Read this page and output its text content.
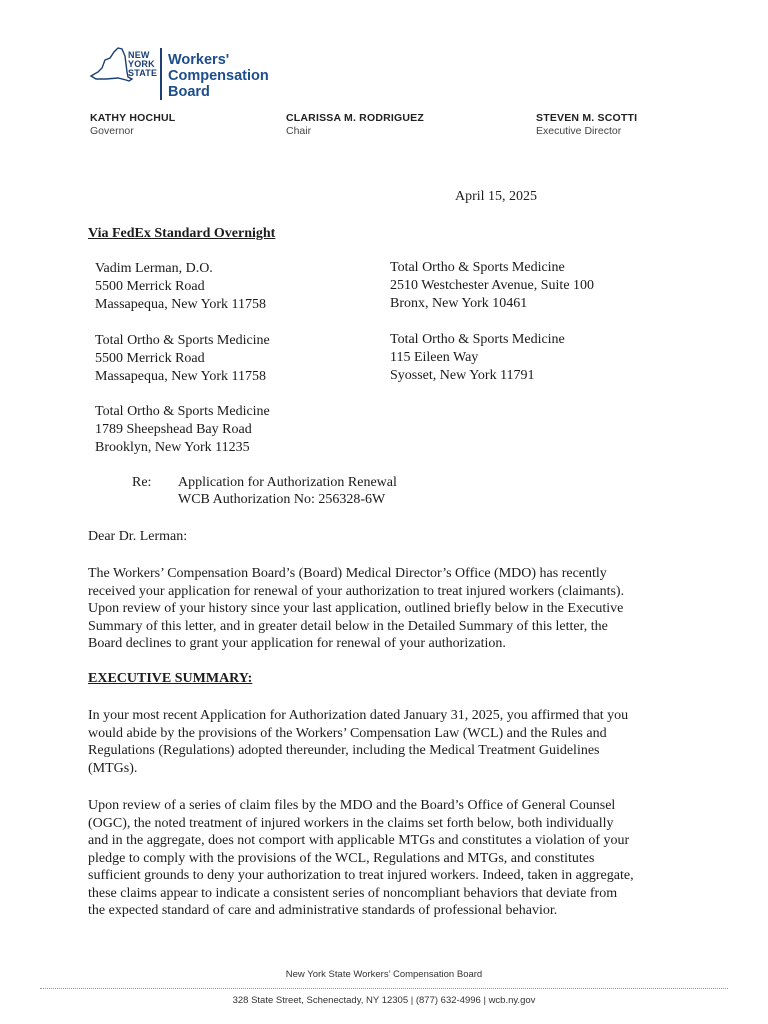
NEW
YORK
STATE
Workers'
Compensation
Board
KATHY HOCHUL
Governor
CLARISSA M. RODRIGUEZ
Chair
STEVEN M. SCOTTI
Executive Director
April 15, 2025
Via FedEx Standard Overnight
Vadim Lerman, D.O.
5500 Merrick Road
Massapequa, New York 11758
Total Ortho & Sports Medicine
2510 Westchester Avenue, Suite 100
Bronx, New York 10461
Total Ortho & Sports Medicine
5500 Merrick Road
Massapequa, New York 11758
Total Ortho & Sports Medicine
115 Eileen Way
Syosset, New York 11791
Total Ortho & Sports Medicine
1789 Sheepshead Bay Road
Brooklyn, New York 11235
Re: Application for Authorization Renewal
WCB Authorization No: 256328-6W
Dear Dr. Lerman:
The Workers’ Compensation Board’s (Board) Medical Director’s Office (MDO) has recently
received your application for renewal of your authorization to treat injured workers (claimants).
Upon review of your history since your last application, outlined briefly below in the Executive
Summary of this letter, and in greater detail below in the Detailed Summary of this letter, the
Board declines to grant your application for renewal of your authorization.
EXECUTIVE SUMMARY:
In your most recent Application for Authorization dated January 31, 2025, you affirmed that you
would abide by the provisions of the Workers’ Compensation Law (WCL) and the Rules and
Regulations (Regulations) adopted thereunder, including the Medical Treatment Guidelines
(MTGs).
Upon review of a series of claim files by the MDO and the Board’s Office of General Counsel
(OGC), the noted treatment of injured workers in the claims set forth below, both individually
and in the aggregate, does not comport with applicable MTGs and constitutes a violation of your
pledge to comply with the provisions of the WCL, Regulations and MTGs, and constitutes
sufficient grounds to deny your authorization to treat injured workers. Indeed, taken in aggregate,
these claims appear to indicate a consistent series of noncompliant behaviors that deviate from
the expected standard of care and administrative standards of professional behavior.
New York State Workers’ Compensation Board
328 State Street, Schenectady, NY 12305 | (877) 632-4996 | wcb.ny.gov
